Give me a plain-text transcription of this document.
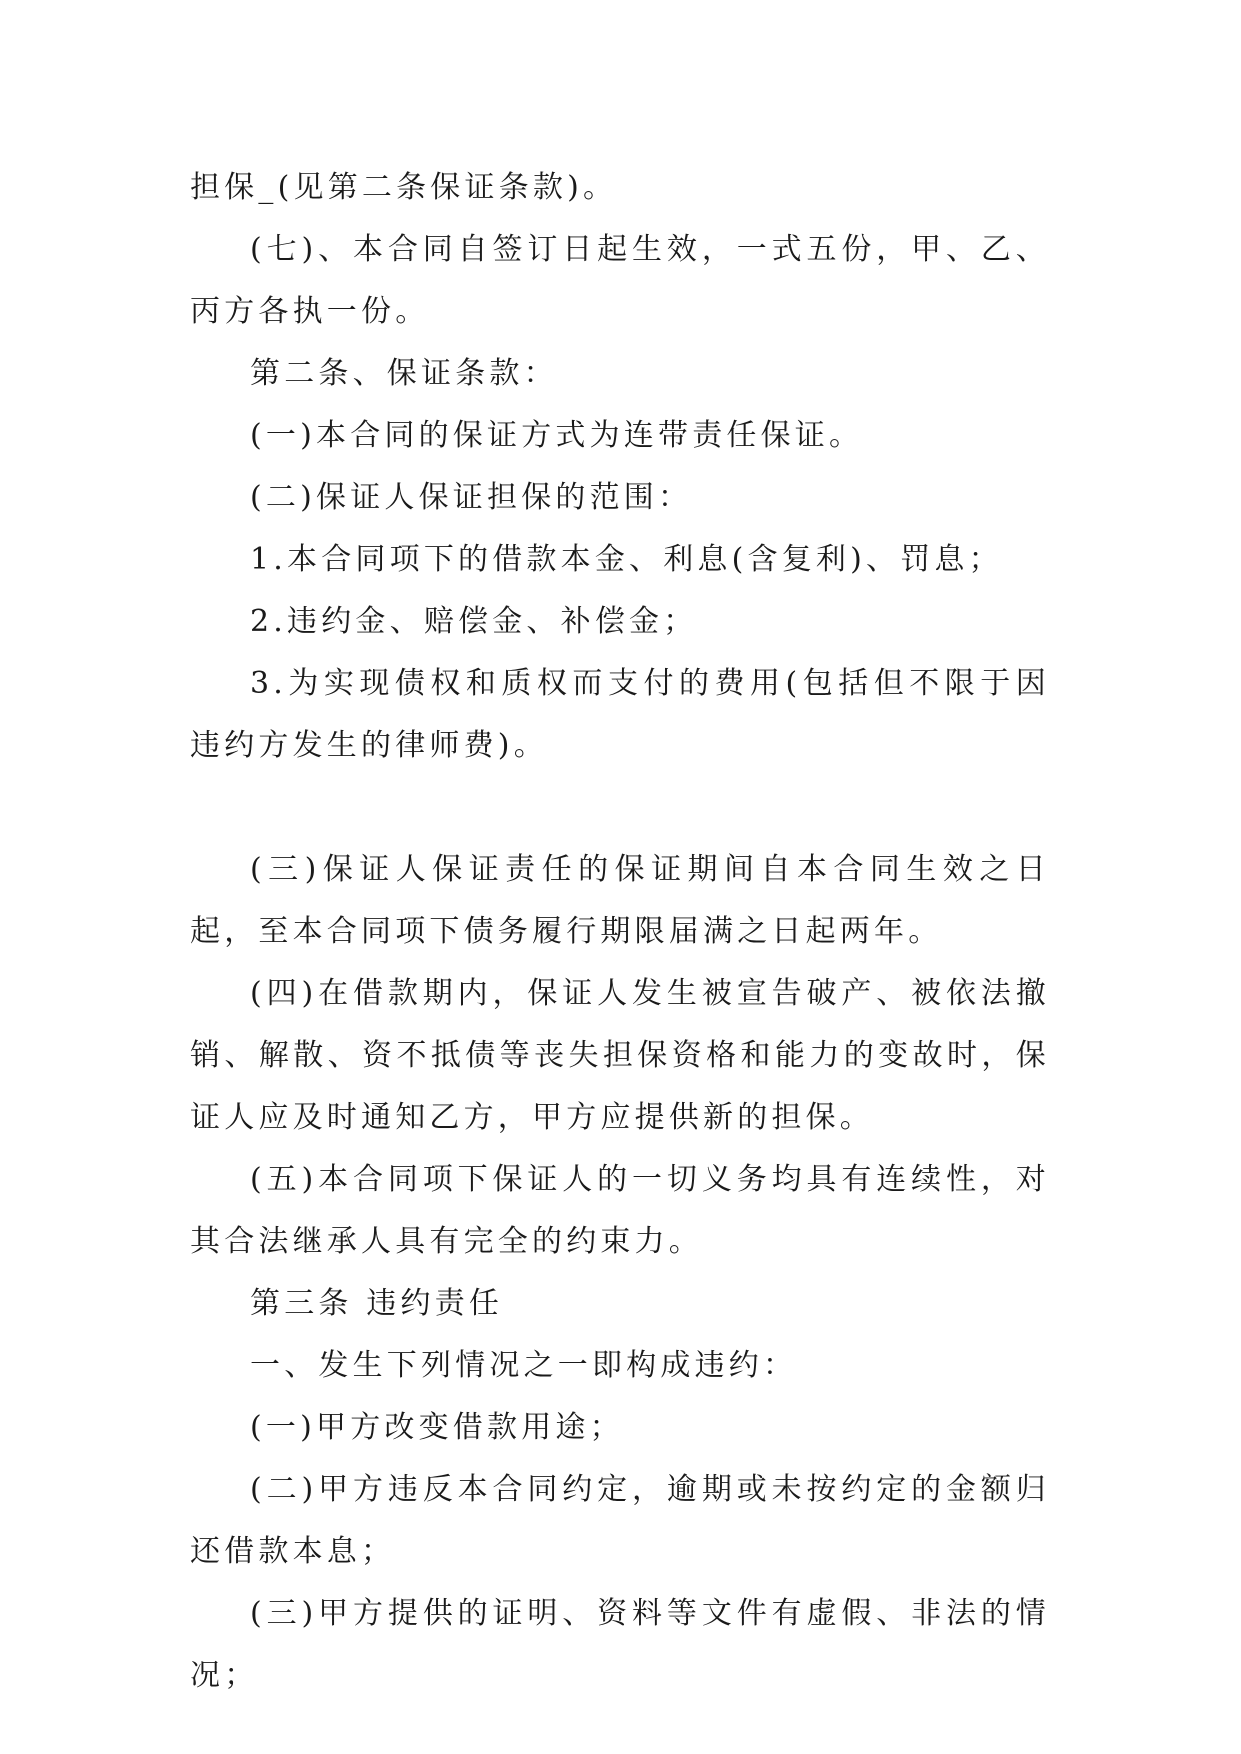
担保_(见第二条保证条款)。

(七)、本合同自签订日起生效，一式五份，甲、乙、丙方各执一份。

第二条、保证条款：

(一)本合同的保证方式为连带责任保证。

(二)保证人保证担保的范围：

1.本合同项下的借款本金、利息(含复利)、罚息；

2.违约金、赔偿金、补偿金；

3.为实现债权和质权而支付的费用(包括但不限于因违约方发生的律师费)。

(三)保证人保证责任的保证期间自本合同生效之日起，至本合同项下债务履行期限届满之日起两年。

(四)在借款期内，保证人发生被宣告破产、被依法撤销、解散、资不抵债等丧失担保资格和能力的变故时，保证人应及时通知乙方，甲方应提供新的担保。

(五)本合同项下保证人的一切义务均具有连续性，对其合法继承人具有完全的约束力。

第三条 违约责任

一、发生下列情况之一即构成违约：

(一)甲方改变借款用途；

(二)甲方违反本合同约定，逾期或未按约定的金额归还借款本息；

(三)甲方提供的证明、资料等文件有虚假、非法的情况；
